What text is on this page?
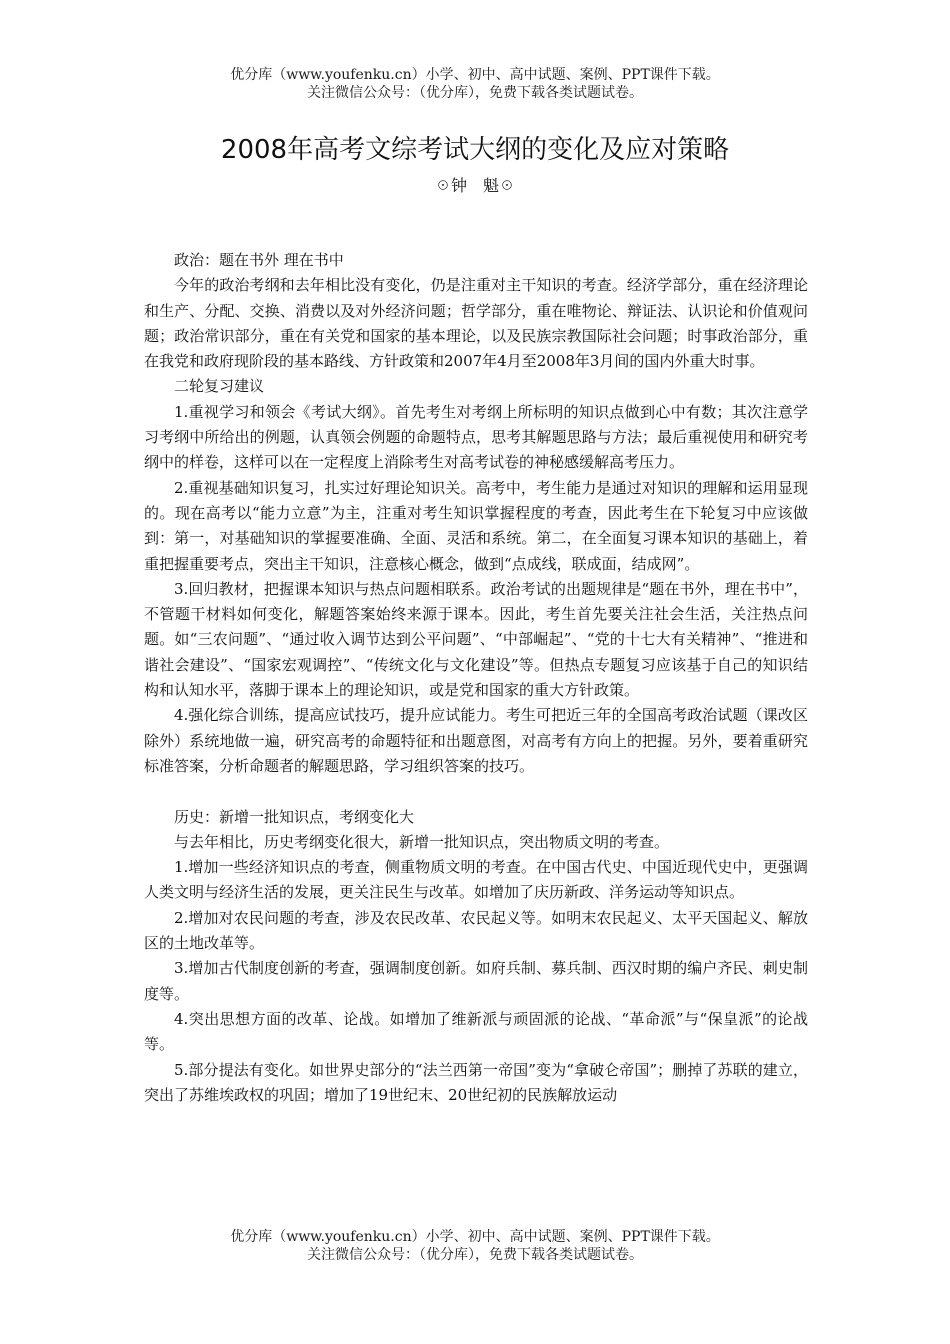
优分库（www.youfenku.cn）小学、初中、高中试题、案例、PPT课件下载。
关注微信公众号：（优分库），免费下载各类试题试卷。
2008年高考文综考试大纲的变化及应对策略
☉钟　魁☉

政治：题在书外 理在书中

今年的政治考纲和去年相比没有变化，仍是注重对主干知识的考查。经济学部分，重在经济理论和生产、分配、交换、消费以及对外经济问题；哲学部分，重在唯物论、辩证法、认识论和价值观问题；政治常识部分，重在有关党和国家的基本理论，以及民族宗教国际社会问题；时事政治部分，重在我党和政府现阶段的基本路线、方针政策和2007年4月至2008年3月间的国内外重大时事。

二轮复习建议

1.重视学习和领会《考试大纲》。首先考生对考纲上所标明的知识点做到心中有数；其次注意学习考纲中所给出的例题，认真领会例题的命题特点，思考其解题思路与方法；最后重视使用和研究考纲中的样卷，这样可以在一定程度上消除考生对高考试卷的神秘感缓解高考压力。

2.重视基础知识复习，扎实过好理论知识关。高考中，考生能力是通过对知识的理解和运用显现的。现在高考以“能力立意”为主，注重对考生知识掌握程度的考查，因此考生在下轮复习中应该做到：第一，对基础知识的掌握要准确、全面、灵活和系统。第二，在全面复习课本知识的基础上，着重把握重要考点，突出主干知识，注意核心概念，做到“点成线，联成面，结成网”。

3.回归教材，把握课本知识与热点问题相联系。政治考试的出题规律是“题在书外，理在书中”，不管题干材料如何变化，解题答案始终来源于课本。因此，考生首先要关注社会生活，关注热点问题。如“三农问题”、“通过收入调节达到公平问题”、“中部崛起”、“党的十七大有关精神”、“推进和谐社会建设”、“国家宏观调控”、“传统文化与文化建设”等。但热点专题复习应该基于自己的知识结构和认知水平，落脚于课本上的理论知识，或是党和国家的重大方针政策。

4.强化综合训练，提高应试技巧，提升应试能力。考生可把近三年的全国高考政治试题（课改区除外）系统地做一遍，研究高考的命题特征和出题意图，对高考有方向上的把握。另外，要着重研究标准答案，分析命题者的解题思路，学习组织答案的技巧。

历史：新增一批知识点，考纲变化大

与去年相比，历史考纲变化很大，新增一批知识点，突出物质文明的考查。

1.增加一些经济知识点的考查，侧重物质文明的考查。在中国古代史、中国近现代史中，更强调人类文明与经济生活的发展，更关注民生与改革。如增加了庆历新政、洋务运动等知识点。

2.增加对农民问题的考查，涉及农民改革、农民起义等。如明末农民起义、太平天国起义、解放区的土地改革等。

3.增加古代制度创新的考查，强调制度创新。如府兵制、募兵制、西汉时期的编户齐民、刺史制度等。

4.突出思想方面的改革、论战。如增加了维新派与顽固派的论战、“革命派”与“保皇派”的论战等。

5.部分提法有变化。如世界史部分的“法兰西第一帝国”变为“拿破仑帝国”；删掉了苏联的建立，突出了苏维埃政权的巩固；增加了19世纪末、20世纪初的民族解放运动

优分库（www.youfenku.cn）小学、初中、高中试题、案例、PPT课件下载。
关注微信公众号：（优分库），免费下载各类试题试卷。
